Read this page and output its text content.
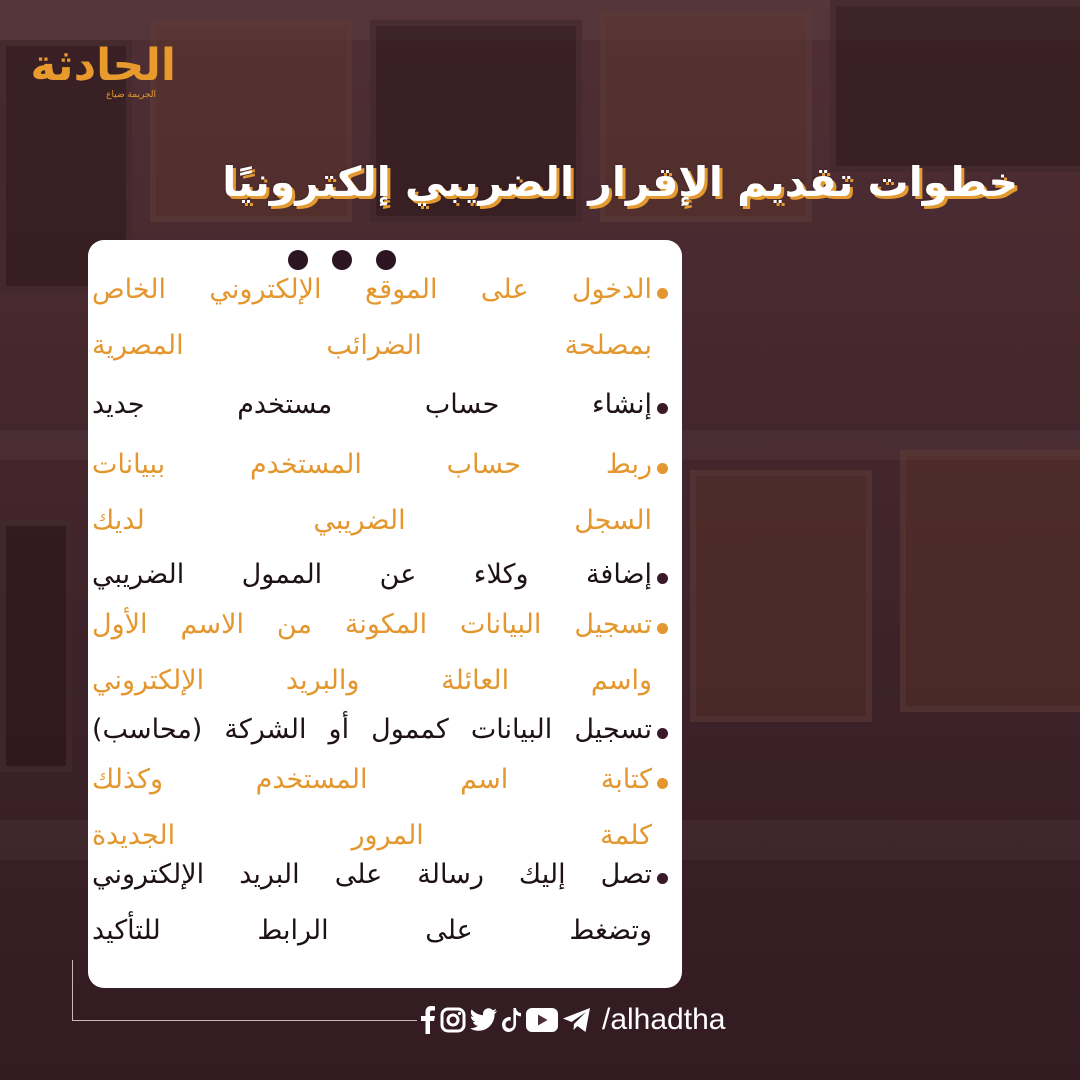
الحادثة
الجريمة ضياع
خطوات تقديم الإقرار الضريبي إلكترونيًا
الدخول على الموقع الإلكتروني الخاص
بمصلحة الضرائب المصرية
إنشاء حساب مستخدم جديد
ربط حساب المستخدم ببيانات
السجل الضريبي لديك
إضافة وكلاء عن الممول الضريبي
تسجيل البيانات المكونة من الاسم الأول
واسم العائلة والبريد الإلكتروني
تسجيل البيانات كممول أو الشركة (محاسب)
كتابة اسم المستخدم وكذلك
كلمة المرور الجديدة
تصل إليك رسالة على البريد الإلكتروني
وتضغط على الرابط للتأكيد
/alhadtha
